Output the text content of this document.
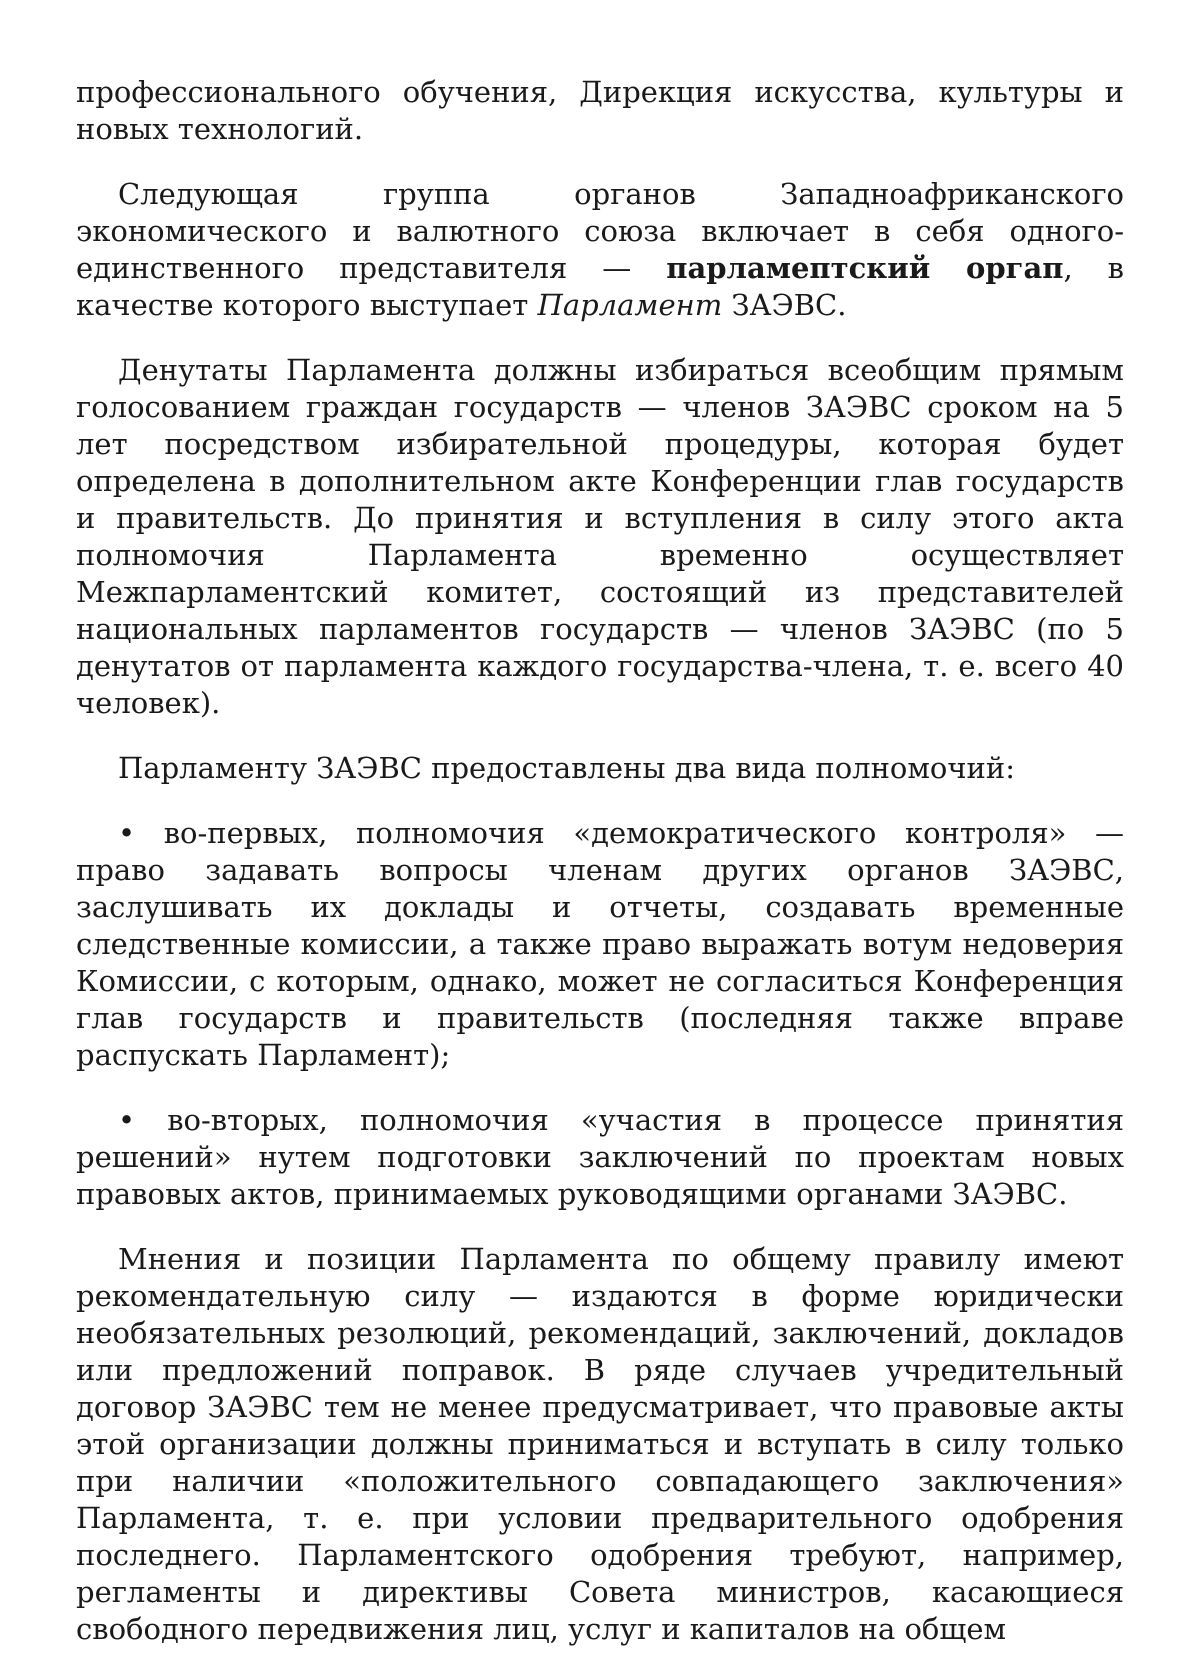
профессионального обучения, Дирекция искусства, культуры и новых технологий.

Следующая группа органов Западноафриканского экономического и валютного союза включает в себя одного-единственного представителя — парламептский оргап, в качестве которого выступает Парламент ЗАЭВС.

Денутаты Парламента должны избираться всеобщим прямым голосованием граждан государств — членов ЗАЭВС сроком на 5 лет посредством избирательной процедуры, которая будет определена в дополнительном акте Конференции глав государств и правительств. До принятия и вступления в силу этого акта полномочия Парламента временно осуществляет Межпарламентский комитет, состоящий из представителей национальных парламентов государств — членов ЗАЭВС (по 5 денутатов от парламента каждого государства-члена, т. е. всего 40 человек).

Парламенту ЗАЭВС предоставлены два вида полномочий:

• во-первых, полномочия «демократического контроля» — право задавать вопросы членам других органов ЗАЭВС, заслушивать их доклады и отчеты, создавать временные следственные комиссии, а также право выражать вотум недоверия Комиссии, с которым, однако, может не согласиться Конференция глав государств и правительств (последняя также вправе распускать Парламент);

• во-вторых, полномочия «участия в процессе принятия решений» нутем подготовки заключений по проектам новых правовых актов, принимаемых руководящими органами ЗАЭВС.

Мнения и позиции Парламента по общему правилу имеют рекомендательную силу — издаются в форме юридически необязательных резолюций, рекомендаций, заключений, докладов или предложений поправок. В ряде случаев учредительный договор ЗАЭВС тем не менее предусматривает, что правовые акты этой организации должны приниматься и вступать в силу только при наличии «положительного совпадающего заключения» Парламента, т. е. при условии предварительного одобрения последнего. Парламентского одобрения требуют, например, регламенты и директивы Совета министров, касающиеся свободного передвижения лиц, услуг и капиталов на общем
